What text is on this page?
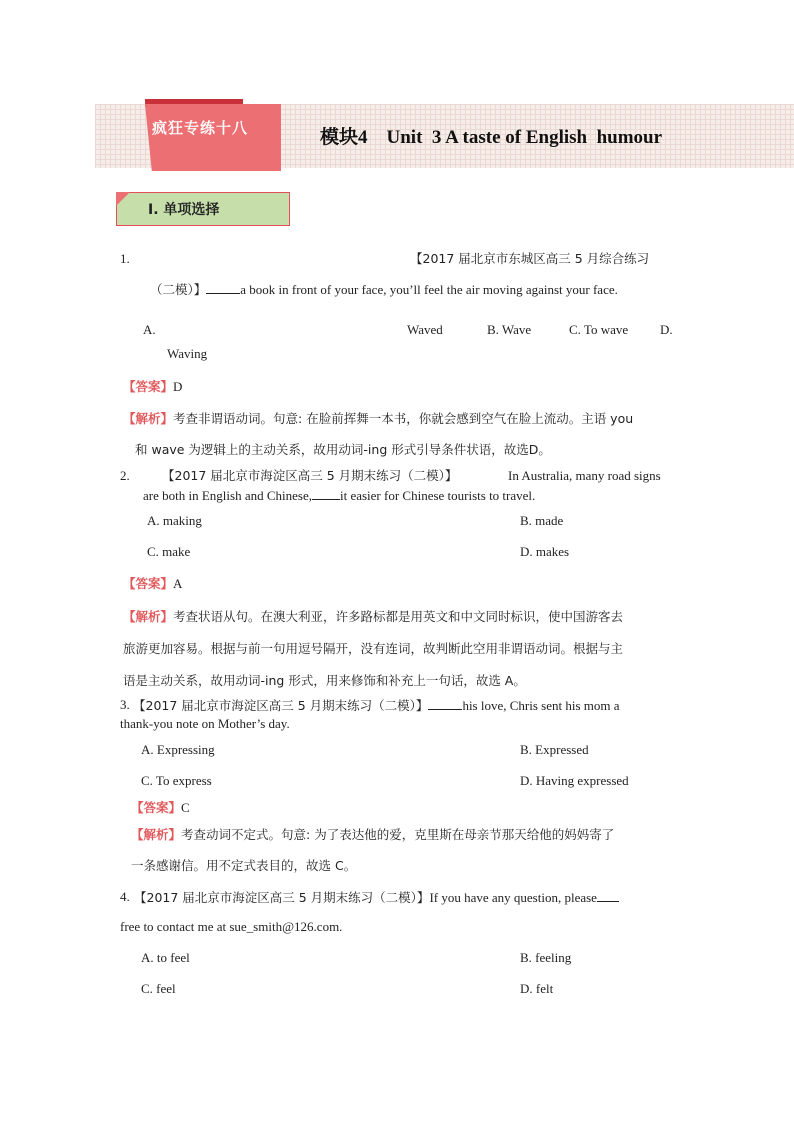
疯狂专练十八	模块4    Unit  3 A taste of English  humour
Ⅰ. 单项选择
1.	【2017 届北京市东城区高三 5 月综合练习
（二模）】	a book in front of your face, you’ll feel the air moving against your face.
A.	Waved	B. Wave	C. To wave D.
Waving
【答案】D
【解析】考查非谓语动词。句意: 在脸前挥舞一本书，你就会感到空气在脸上流动。主语 you
和 wave 为逻辑上的主动关系，故用动词-ing 形式引导条件状语，故选D。
2.	【2017 届北京市海淀区高三 5 月期末练习（二模）】	In Australia, many road signs
are both in English and Chinese, it easier for Chinese tourists to travel.
A. making	B. made
C. make	D. makes
【答案】A
【解析】考查状语从句。在澳大利亚，许多路标都是用英文和中文同时标识，使中国游客去
旅游更加容易。根据与前一句用逗号隔开，没有连词，故判断此空用非谓语动词。根据与主
语是主动关系，故用动词-ing 形式，用来修饰和补充上一句话，故选 A。
3. 【2017 届北京市海淀区高三 5 月期末练习（二模）】	his love, Chris sent his mom a
thank-you note on Mother’s day.
A. Expressing	B. Expressed
C. To express	D. Having expressed
【答案】C
【解析】考查动词不定式。句意: 为了表达他的爱，克里斯在母亲节那天给他的妈妈寄了
一条感谢信。用不定式表目的，故选 C。
4. 【2017 届北京市海淀区高三 5 月期末练习（二模）】If you have any question, please
free to contact me at sue_smith@126.com.
A. to feel	B. feeling
C. feel	D. felt
